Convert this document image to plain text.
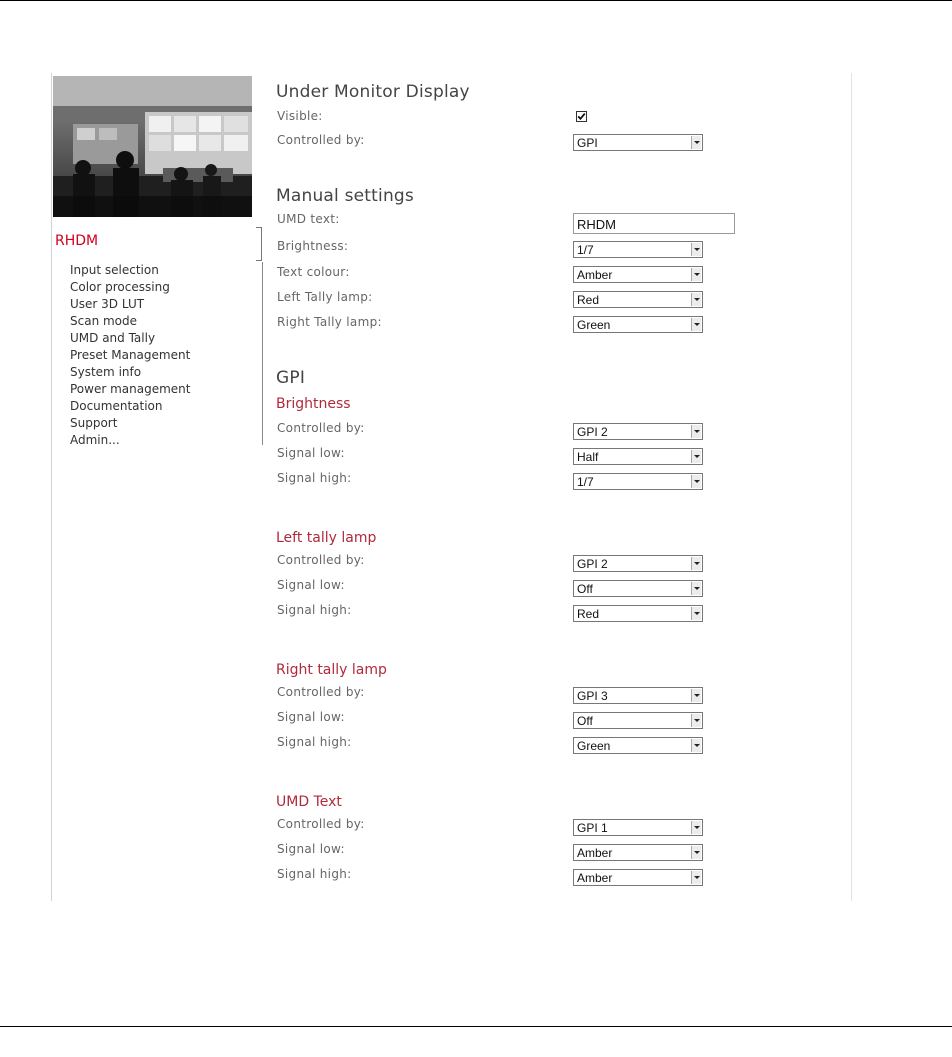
RHDM
Input selection
Color processing
User 3D LUT
Scan mode
UMD and Tally
Preset Management
System info
Power management
Documentation
Support
Admin...
Under Monitor Display
Visible:
Controlled by:	GPI
Manual settings
UMD text:	RHDM
Brightness:	1/7
Text colour:	Amber
Left Tally lamp:	Red
Right Tally lamp:	Green
GPI
Brightness
Controlled by:	GPI 2
Signal low:	Half
Signal high:	1/7
Left tally lamp
Controlled by:	GPI 2
Signal low:	Off
Signal high:	Red
Right tally lamp
Controlled by:	GPI 3
Signal low:	Off
Signal high:	Green
UMD Text
Controlled by:	GPI 1
Signal low:	Amber
Signal high:	Amber
